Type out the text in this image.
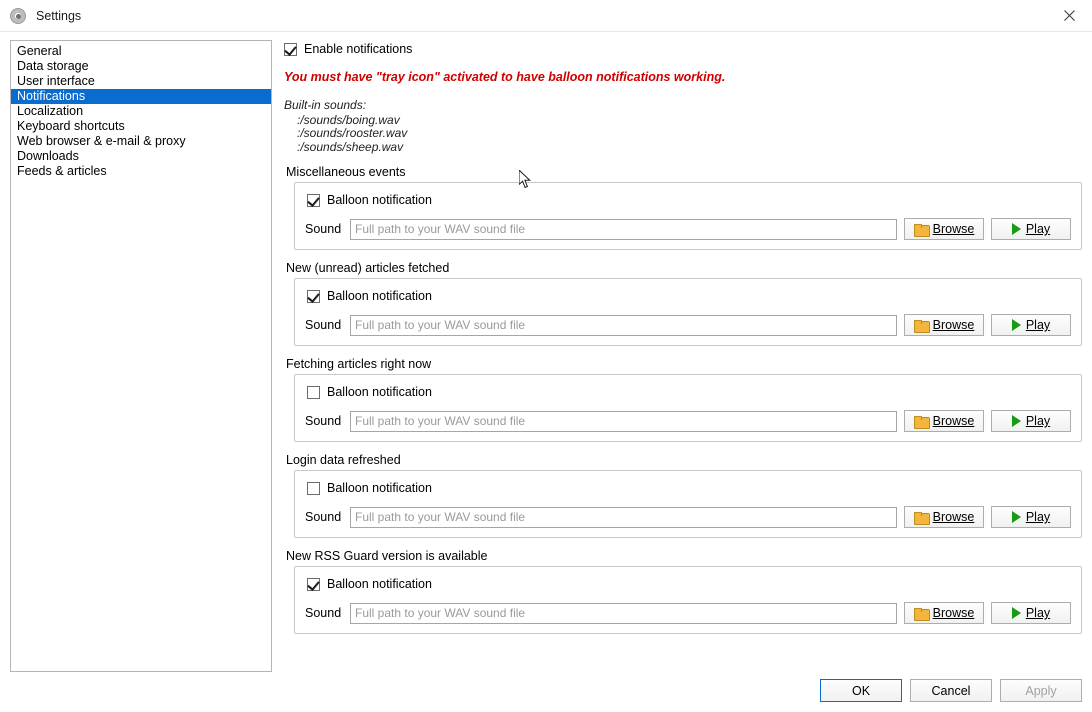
Settings
General
Data storage
User interface
Notifications
Localization
Keyboard shortcuts
Web browser & e-mail & proxy
Downloads
Feeds & articles
Enable notifications
You must have "tray icon" activated to have balloon notifications working.
Built-in sounds:
:/sounds/boing.wav
:/sounds/rooster.wav
:/sounds/sheep.wav
Miscellaneous events
Balloon notification
Sound
Full path to your WAV sound file	Browse	Play
New (unread) articles fetched
Balloon notification
Sound
Full path to your WAV sound file	Browse	Play
Fetching articles right now
Balloon notification
Sound
Full path to your WAV sound file	Browse	Play
Login data refreshed
Balloon notification
Sound
Full path to your WAV sound file	Browse	Play
New RSS Guard version is available
Balloon notification
Sound
Full path to your WAV sound file	Browse	Play
OK	Cancel	Apply
